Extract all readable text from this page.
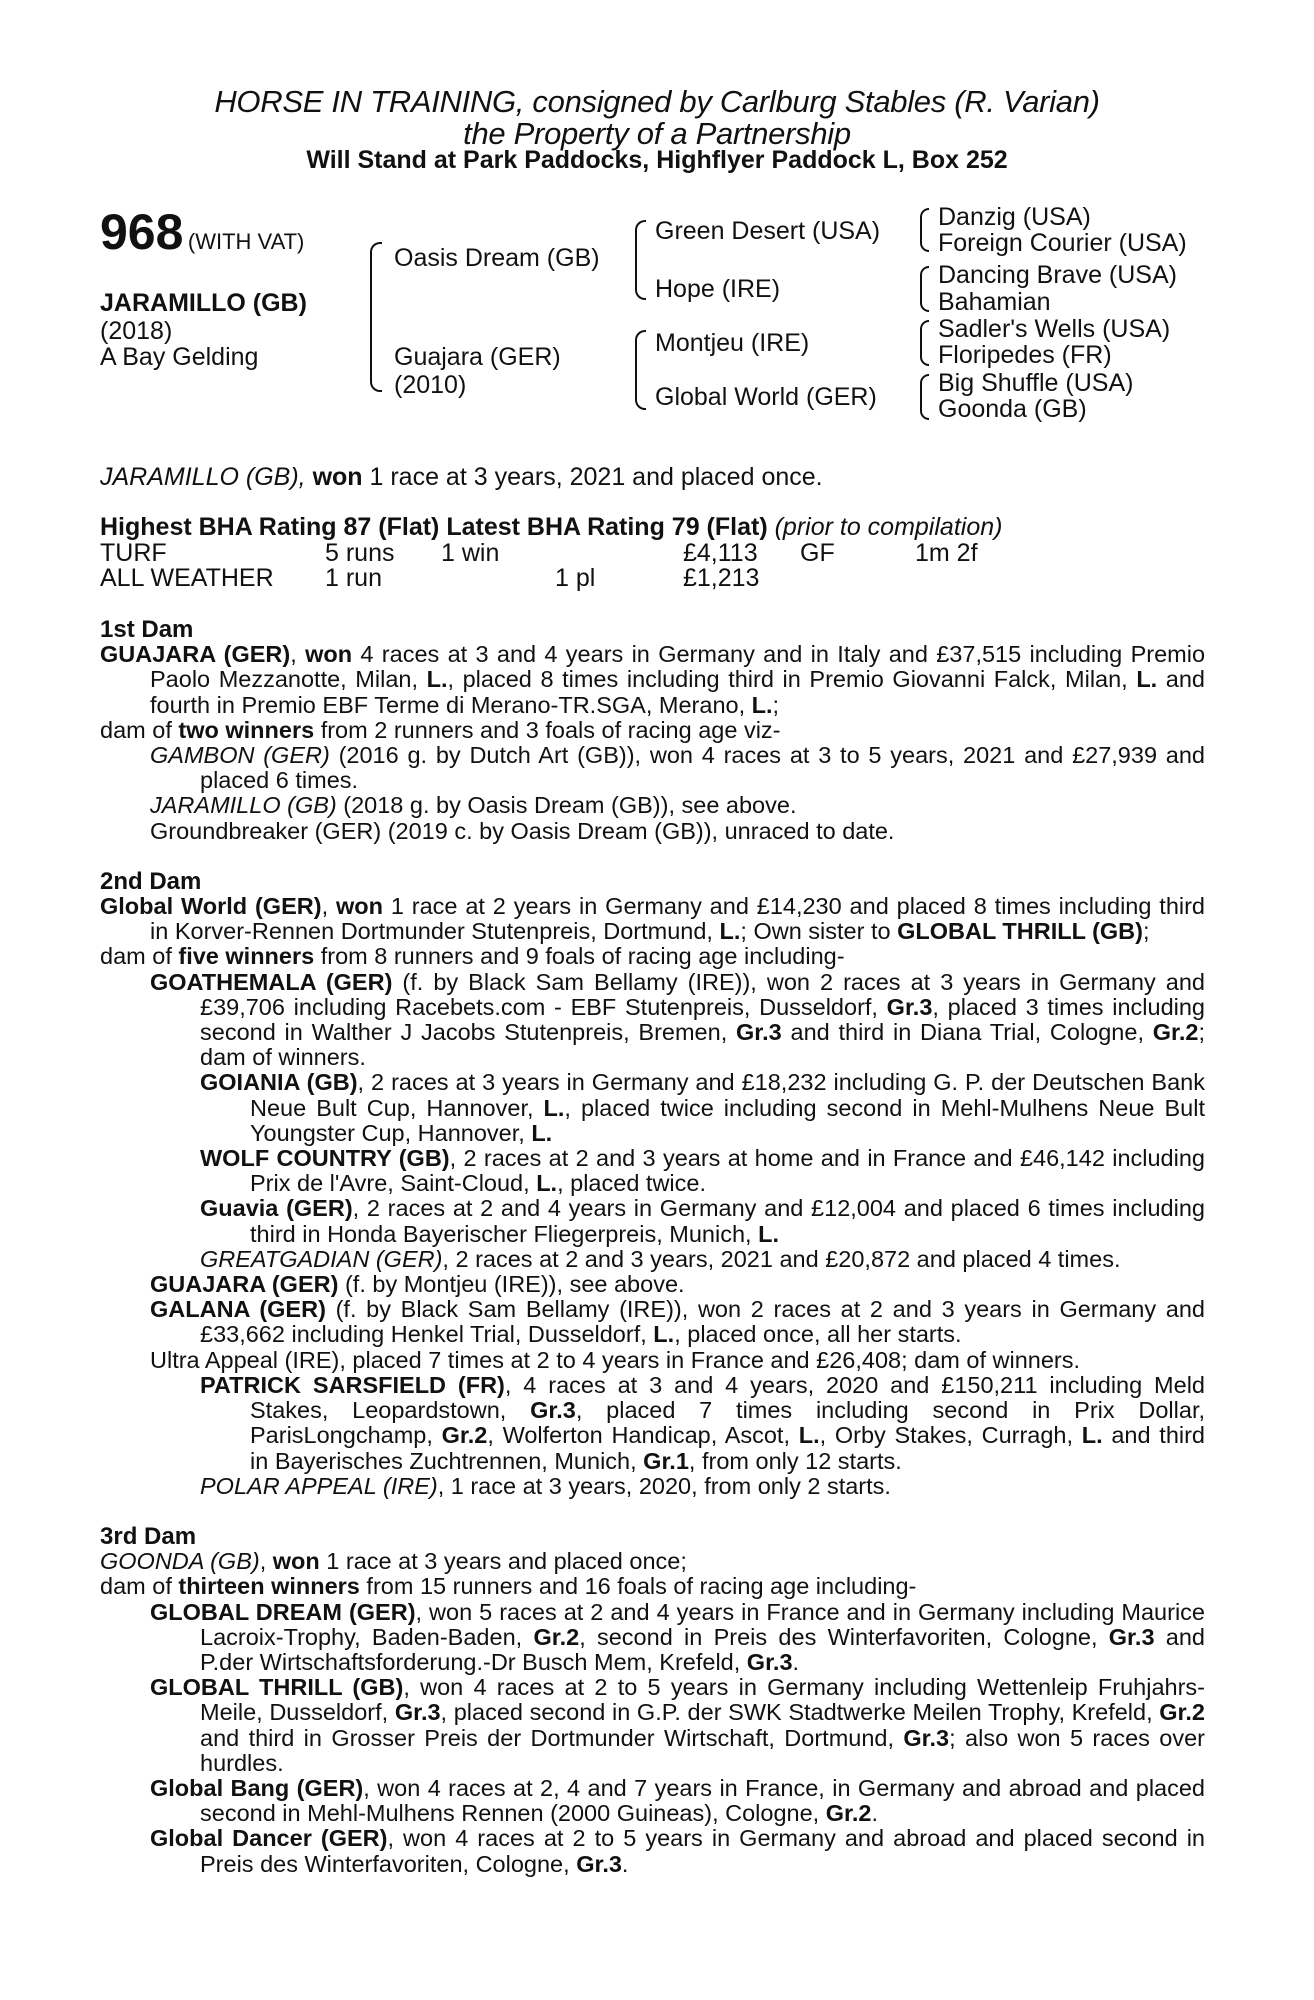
HORSE IN TRAINING, consigned by Carlburg Stables (R. Varian)
the Property of a Partnership
Will Stand at Park Paddocks, Highflyer Paddock L, Box 252
968 (WITH VAT)
JARAMILLO (GB)
(2018)
A Bay Gelding
Oasis Dream (GB)
Guajara (GER)
(2010)
Green Desert (USA)
Hope (IRE)
Montjeu (IRE)
Global World (GER)
Danzig (USA)
Foreign Courier (USA)
Dancing Brave (USA)
Bahamian
Sadler's Wells (USA)
Floripedes (FR)
Big Shuffle (USA)
Goonda (GB)
JARAMILLO (GB), won 1 race at 3 years, 2021 and placed once.
Highest BHA Rating 87 (Flat) Latest BHA Rating 79 (Flat) (prior to compilation)
TURF	5 runs 1 win	£4,113 GF	1m 2f
ALL WEATHER 1 run	1 pl	£1,213

1st Dam

GUAJARA (GER), won 4 races at 3 and 4 years in Germany and in Italy and £37,515 including Premio Paolo Mezzanotte, Milan, L., placed 8 times including third in Premio Giovanni Falck, Milan, L. and fourth in Premio EBF Terme di Merano-TR.SGA, Merano, L.;

dam of two winners from 2 runners and 3 foals of racing age viz-

GAMBON (GER) (2016 g. by Dutch Art (GB)), won 4 races at 3 to 5 years, 2021 and £27,939 and placed 6 times.

JARAMILLO (GB) (2018 g. by Oasis Dream (GB)), see above.

Groundbreaker (GER) (2019 c. by Oasis Dream (GB)), unraced to date.

2nd Dam

Global World (GER), won 1 race at 2 years in Germany and £14,230 and placed 8 times including third in Korver-Rennen Dortmunder Stutenpreis, Dortmund, L.; Own sister to GLOBAL THRILL (GB);

dam of five winners from 8 runners and 9 foals of racing age including-

GOATHEMALA (GER) (f. by Black Sam Bellamy (IRE)), won 2 races at 3 years in Germany and £39,706 including Racebets.com - EBF Stutenpreis, Dusseldorf, Gr.3, placed 3 times including second in Walther J Jacobs Stutenpreis, Bremen, Gr.3 and third in Diana Trial, Cologne, Gr.2; dam of winners.

GOIANIA (GB), 2 races at 3 years in Germany and £18,232 including G. P. der Deutschen Bank Neue Bult Cup, Hannover, L., placed twice including second in Mehl-Mulhens Neue Bult Youngster Cup, Hannover, L.

WOLF COUNTRY (GB), 2 races at 2 and 3 years at home and in France and £46,142 including Prix de l'Avre, Saint-Cloud, L., placed twice.

Guavia (GER), 2 races at 2 and 4 years in Germany and £12,004 and placed 6 times including third in Honda Bayerischer Fliegerpreis, Munich, L.

GREATGADIAN (GER), 2 races at 2 and 3 years, 2021 and £20,872 and placed 4 times.

GUAJARA (GER) (f. by Montjeu (IRE)), see above.

GALANA (GER) (f. by Black Sam Bellamy (IRE)), won 2 races at 2 and 3 years in Germany and £33,662 including Henkel Trial, Dusseldorf, L., placed once, all her starts.

Ultra Appeal (IRE), placed 7 times at 2 to 4 years in France and £26,408; dam of winners.

PATRICK SARSFIELD (FR), 4 races at 3 and 4 years, 2020 and £150,211 including Meld Stakes, Leopardstown, Gr.3, placed 7 times including second in Prix Dollar, ParisLongchamp, Gr.2, Wolferton Handicap, Ascot, L., Orby Stakes, Curragh, L. and third in Bayerisches Zuchtrennen, Munich, Gr.1, from only 12 starts.

POLAR APPEAL (IRE), 1 race at 3 years, 2020, from only 2 starts.

3rd Dam

GOONDA (GB), won 1 race at 3 years and placed once;

dam of thirteen winners from 15 runners and 16 foals of racing age including-

GLOBAL DREAM (GER), won 5 races at 2 and 4 years in France and in Germany including Maurice Lacroix-Trophy, Baden-Baden, Gr.2, second in Preis des Winterfavoriten, Cologne, Gr.3 and P.der Wirtschaftsforderung.-Dr Busch Mem, Krefeld, Gr.3.

GLOBAL THRILL (GB), won 4 races at 2 to 5 years in Germany including Wettenleip Fruhjahrs-Meile, Dusseldorf, Gr.3, placed second in G.P. der SWK Stadtwerke Meilen Trophy, Krefeld, Gr.2 and third in Grosser Preis der Dortmunder Wirtschaft, Dortmund, Gr.3; also won 5 races over hurdles.

Global Bang (GER), won 4 races at 2, 4 and 7 years in France, in Germany and abroad and placed second in Mehl-Mulhens Rennen (2000 Guineas), Cologne, Gr.2.

Global Dancer (GER), won 4 races at 2 to 5 years in Germany and abroad and placed second in Preis des Winterfavoriten, Cologne, Gr.3.
